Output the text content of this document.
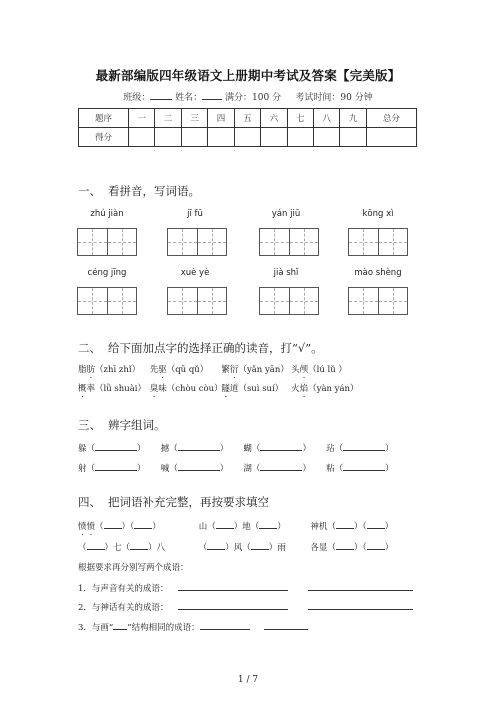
最新部编版四年级语文上册期中考试及答案【完美版】
班级：	姓名：	满分：100 分 考试时间：90 分钟
题序	一	二	三	四	五	六	七	八	九	总分
得分										
一、 看拼音，写词语。
zhú jiàn	jī fū	yán jiū	kōng xì
céng jīng	xuè yè	jià shǐ	mào shèng
二、 给下面加点字的选择正确的读音，打“√”。
脂肪（zhī zhǐ） 先驱（qū qǔ） 繁衍（yǎn yān） 头颅（lú lǔ ）
概率（lǜ shuài） 臭味（chòu còu） 隧道（suì suí） 火焰（yàn yán）
三、 辨字组词。
躲（	） 撼（	） 蝴（	） 玷（	）
射（	） 喊（	） 湖（	） 粘（	）
四、 把词语补充完整，再按要求填空
愤愤（ ）（ ）	山（ ）地（ ）	神机（ ）（ ）
（ ）七（ ）八	（ ）风（ ）雨	各显（ ）（ ）
根据要求再分别写两个成语：
1．与声音有关的成语：
2．与神话有关的成语：
3．与画“ ”结构相同的成语：
1 / 7
